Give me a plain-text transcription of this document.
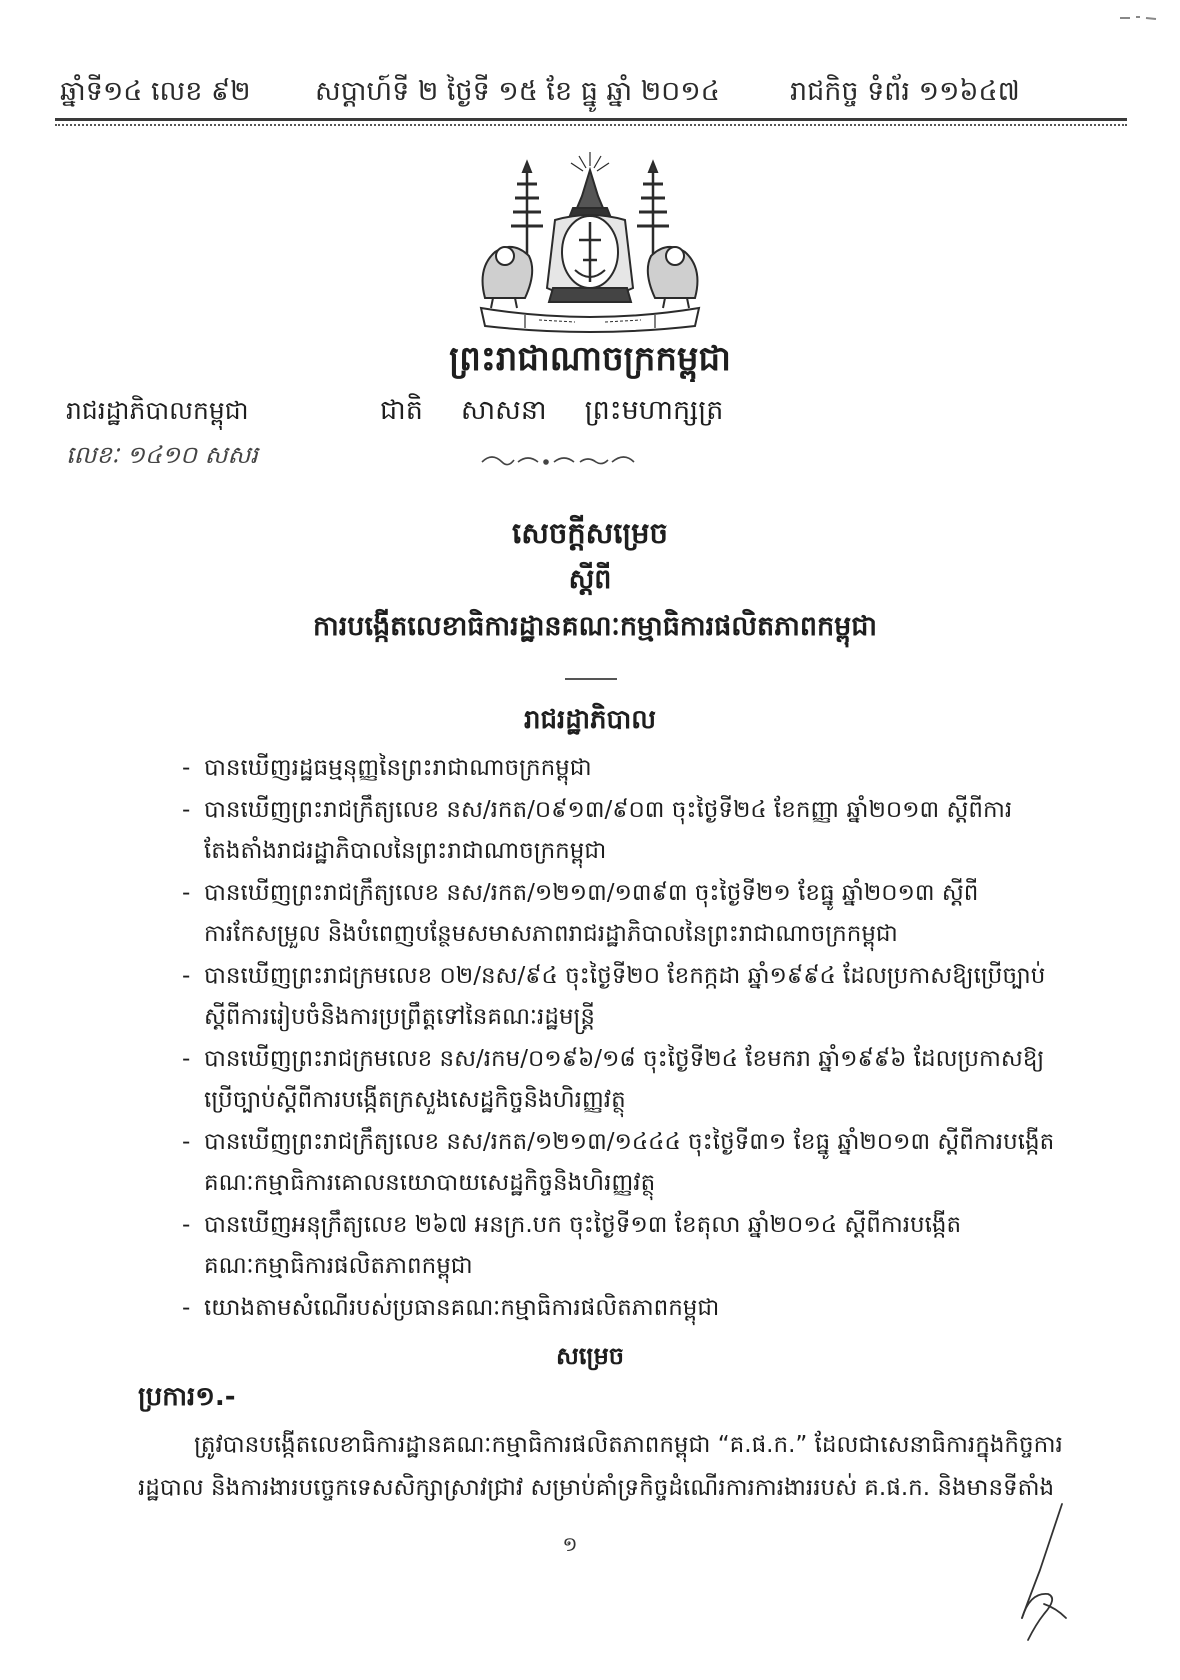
ឆ្នាំទី១៤ លេខ ៩២	សប្តាហ៍ទី ២ ថ្ងៃទី ១៥ ខែ ធ្នូ ឆ្នាំ ២០១៤	រាជកិច្ច ទំព័រ ១១៦៤៧
ព្រះរាជាណាចក្រកម្ពុជា
រាជរដ្ឋាភិបាលកម្ពុជា	ជាតិ សាសនា ព្រះមហាក្សត្រ
លេខៈ ១៤១០ សសរ
សេចក្តីសម្រេច
ស្តីពី
ការបង្កើតលេខាធិការដ្ឋានគណៈកម្មាធិការផលិតភាពកម្ពុជា
រាជរដ្ឋាភិបាល
- បានឃើញរដ្ឋធម្មនុញ្ញនៃព្រះរាជាណាចក្រកម្ពុជា
- បានឃើញព្រះរាជក្រឹត្យលេខ នស/រកត/០៩១៣/៩០៣ ចុះថ្ងៃទី២៤ ខែកញ្ញា ឆ្នាំ២០១៣ ស្តីពីការតែងតាំងរាជរដ្ឋាភិបាលនៃព្រះរាជាណាចក្រកម្ពុជា
- បានឃើញព្រះរាជក្រឹត្យលេខ នស/រកត/១២១៣/១៣៩៣ ចុះថ្ងៃទី២១ ខែធ្នូ ឆ្នាំ២០១៣ ស្តីពីការកែសម្រួល និងបំពេញបន្ថែមសមាសភាពរាជរដ្ឋាភិបាលនៃព្រះរាជាណាចក្រកម្ពុជា
- បានឃើញព្រះរាជក្រមលេខ ០២/នស/៩៤ ចុះថ្ងៃទី២០ ខែកក្កដា ឆ្នាំ១៩៩៤ ដែលប្រកាសឱ្យប្រើច្បាប់ស្តីពីការរៀបចំនិងការប្រព្រឹត្តទៅនៃគណៈរដ្ឋមន្ត្រី
- បានឃើញព្រះរាជក្រមលេខ នស/រកម/០១៩៦/១៨ ចុះថ្ងៃទី២៤ ខែមករា ឆ្នាំ១៩៩៦ ដែលប្រកាសឱ្យប្រើច្បាប់ស្តីពីការបង្កើតក្រសួងសេដ្ឋកិច្ចនិងហិរញ្ញវត្ថុ
- បានឃើញព្រះរាជក្រឹត្យលេខ នស/រកត/១២១៣/១៤៤៤ ចុះថ្ងៃទី៣១ ខែធ្នូ ឆ្នាំ២០១៣ ស្តីពីការបង្កើតគណៈកម្មាធិការគោលនយោបាយសេដ្ឋកិច្ចនិងហិរញ្ញវត្ថុ
- បានឃើញអនុក្រឹត្យលេខ ២៦៧ អនក្រ.បក ចុះថ្ងៃទី១៣ ខែតុលា ឆ្នាំ២០១៤ ស្តីពីការបង្កើតគណៈកម្មាធិការផលិតភាពកម្ពុជា
- យោងតាមសំណើរបស់ប្រធានគណៈកម្មាធិការផលិតភាពកម្ពុជា
សម្រេច
ប្រការ១.-
ត្រូវបានបង្កើតលេខាធិការដ្ឋានគណៈកម្មាធិការផលិតភាពកម្ពុជា “គ.ផ.ក.” ដែលជាសេនាធិការក្នុងកិច្ចការរដ្ឋបាល និងការងារបច្ចេកទេសសិក្សាស្រាវជ្រាវ សម្រាប់គាំទ្រកិច្ចដំណើរការការងាររបស់ គ.ផ.ក. និងមានទីតាំង
១
